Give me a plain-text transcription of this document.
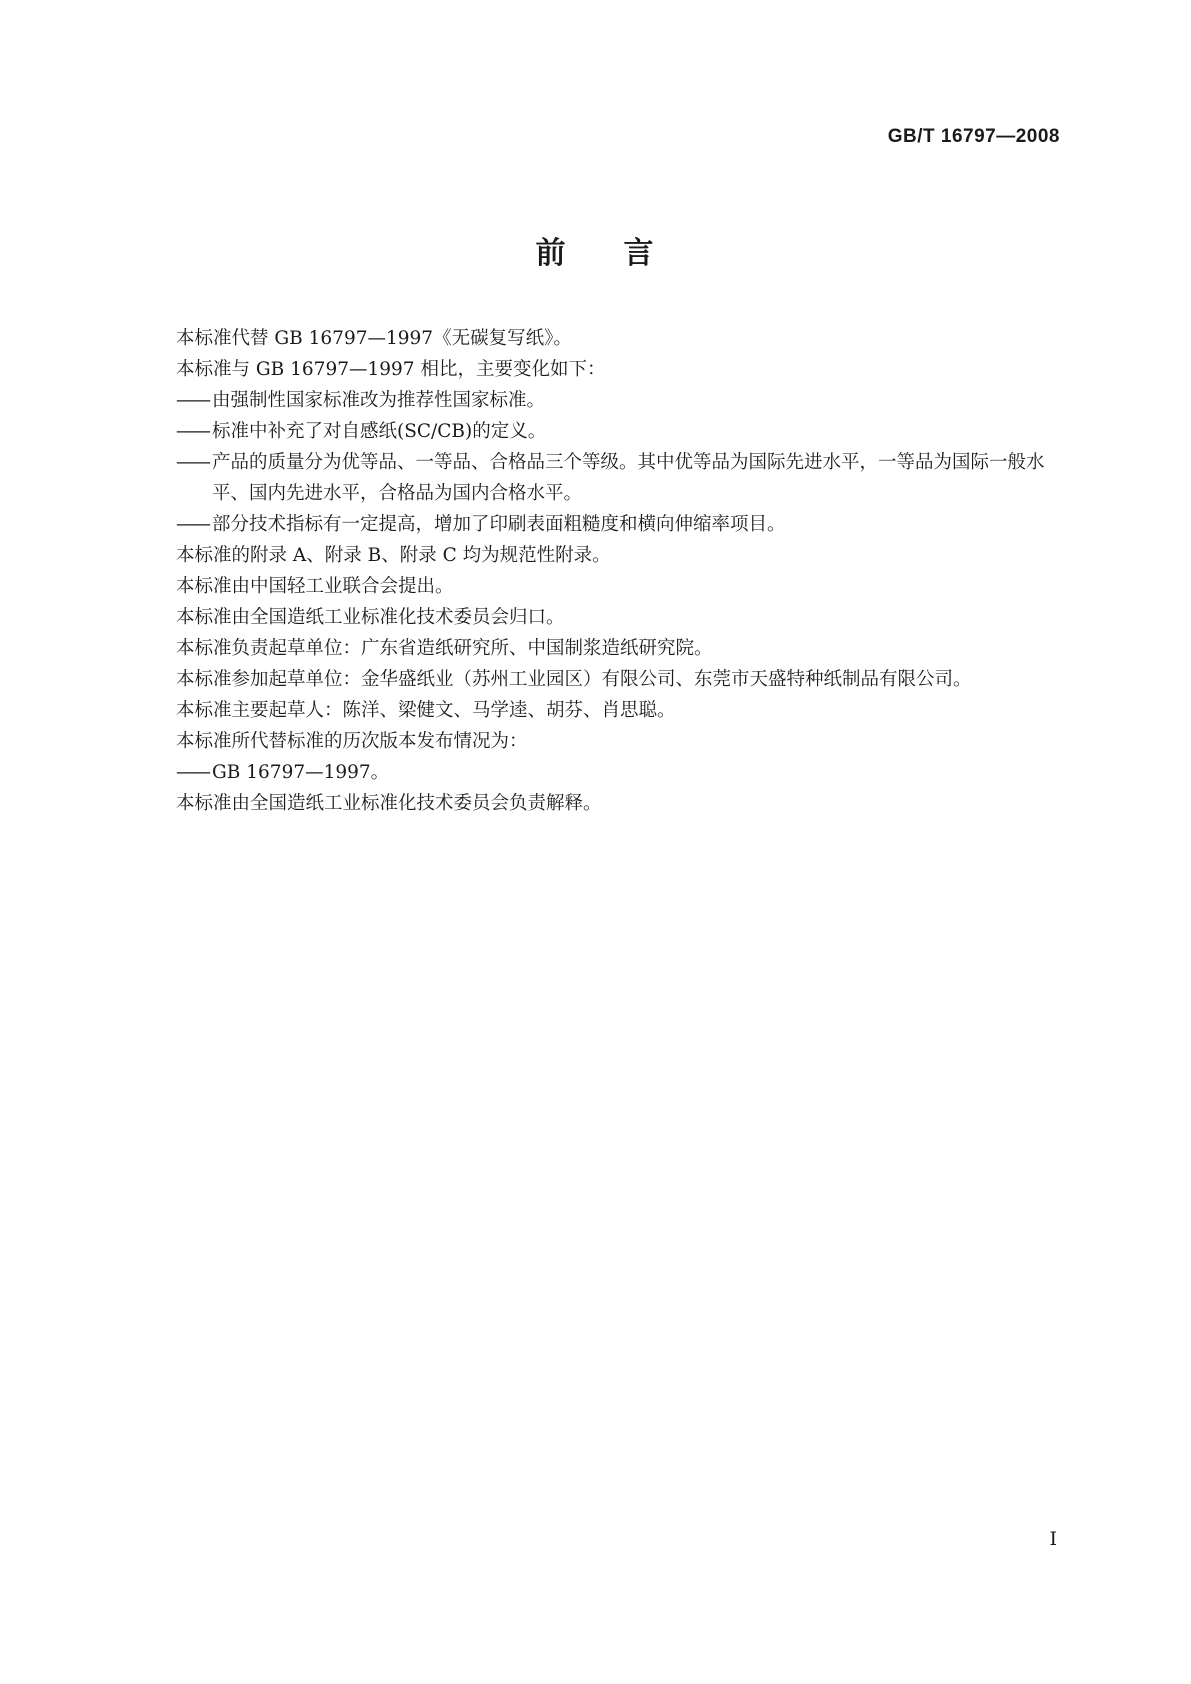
GB/T 16797—2008
前 言

本标准代替 GB 16797—1997《无碳复写纸》。

本标准与 GB 16797—1997 相比，主要变化如下：

—— 由强制性国家标准改为推荐性国家标准。

—— 标准中补充了对自感纸(SC/CB)的定义。

—— 产品的质量分为优等品、一等品、合格品三个等级。其中优等品为国际先进水平，一等品为国际一般水平、国内先进水平，合格品为国内合格水平。

—— 部分技术指标有一定提高，增加了印刷表面粗糙度和横向伸缩率项目。

本标准的附录 A、附录 B、附录 C 均为规范性附录。

本标准由中国轻工业联合会提出。

本标准由全国造纸工业标准化技术委员会归口。

本标准负责起草单位：广东省造纸研究所、中国制浆造纸研究院。

本标准参加起草单位：金华盛纸业（苏州工业园区）有限公司、东莞市天盛特种纸制品有限公司。

本标准主要起草人：陈洋、梁健文、马学逵、胡芬、肖思聪。

本标准所代替标准的历次版本发布情况为：

—— GB 16797—1997。

本标准由全国造纸工业标准化技术委员会负责解释。

I
